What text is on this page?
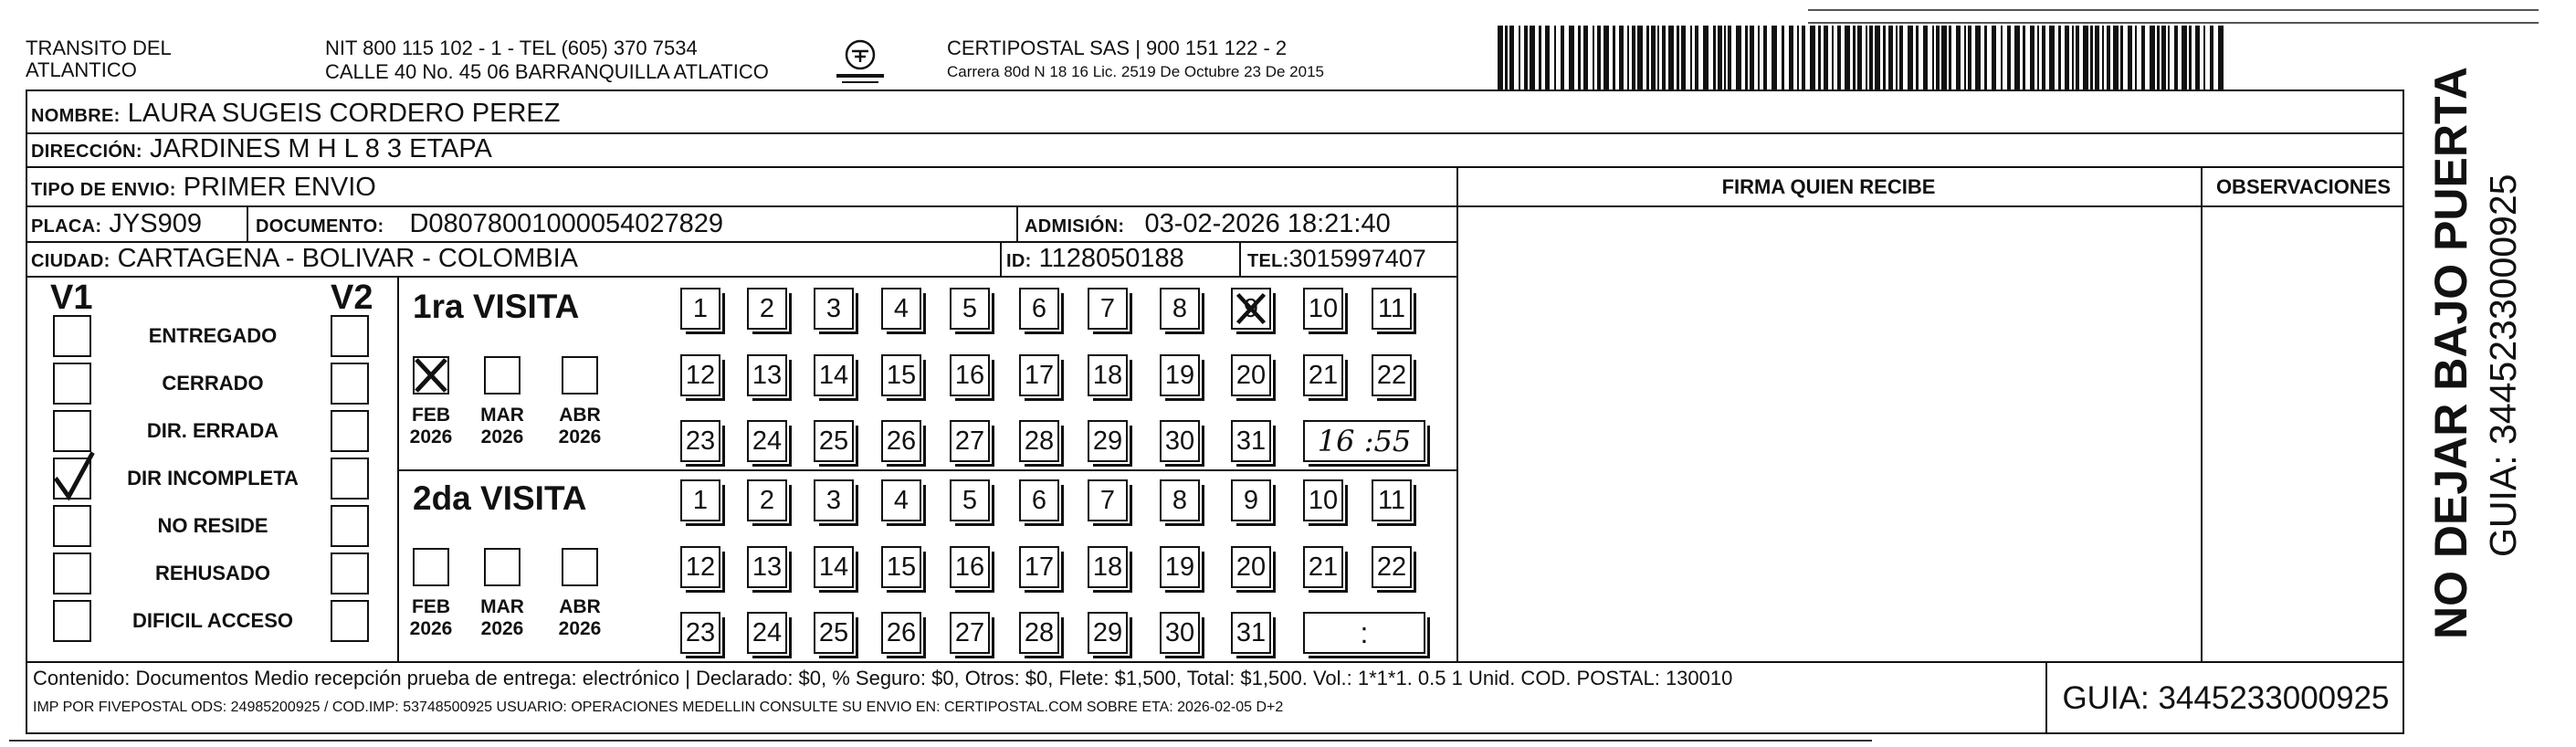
TRANSITO DEL
ATLANTICO
NIT 800 115 102 - 1 - TEL (605) 370 7534
CALLE 40 No. 45 06 BARRANQUILLA ATLATICO
CERTIPOSTAL SAS | 900 151 122 - 2
Carrera 80d N 18 16 Lic. 2519 De Octubre 23 De 2015
NOMBRE: LAURA SUGEIS CORDERO PEREZ
DIRECCIÓN: JARDINES M H L 8 3 ETAPA
TIPO DE ENVIO: PRIMER ENVIO
PLACA: JYS909	DOCUMENTO: D08078001000054027829	ADMISIÓN: 03-02-2026 18:21:40
CIUDAD: CARTAGENA - BOLIVAR - COLOMBIA	ID: 1128050188	TEL:3015997407
FIRMA QUIEN RECIBE	OBSERVACIONES
V1	V2
ENTREGADO
CERRADO
DIR. ERRADA
DIR INCOMPLETA
NO RESIDE
REHUSADO
DIFICIL ACCESO
1ra VISITA
FEB
2026
MAR
2026
ABR
2026
1	2	3	4	5	6	7	8	9	10 11
12 13 14 15 16 17 18 19 20 21 22
23 24 25 26 27 28 29 30 31	16 :55
2da VISITA
FEB
2026
MAR
2026
ABR
2026
1	2	3	4	5	6	7	8	9	10 11
12 13 14 15 16 17 18 19 20 21 22
23 24 25 26 27 28 29 30 31	:
Contenido: Documentos Medio recepción prueba de entrega: electrónico | Declarado: $0, % Seguro: $0, Otros: $0, Flete: $1,500, Total: $1,500. Vol.: 1*1*1. 0.5 1 Unid. COD. POSTAL: 130010
IMP POR FIVEPOSTAL ODS: 24985200925 / COD.IMP: 53748500925 USUARIO: OPERACIONES MEDELLIN CONSULTE SU ENVIO EN: CERTIPOSTAL.COM SOBRE ETA: 2026-02-05 D+2	GUIA: 3445233000925
NO DEJAR BAJO PUERTA GUIA: 3445233000925
